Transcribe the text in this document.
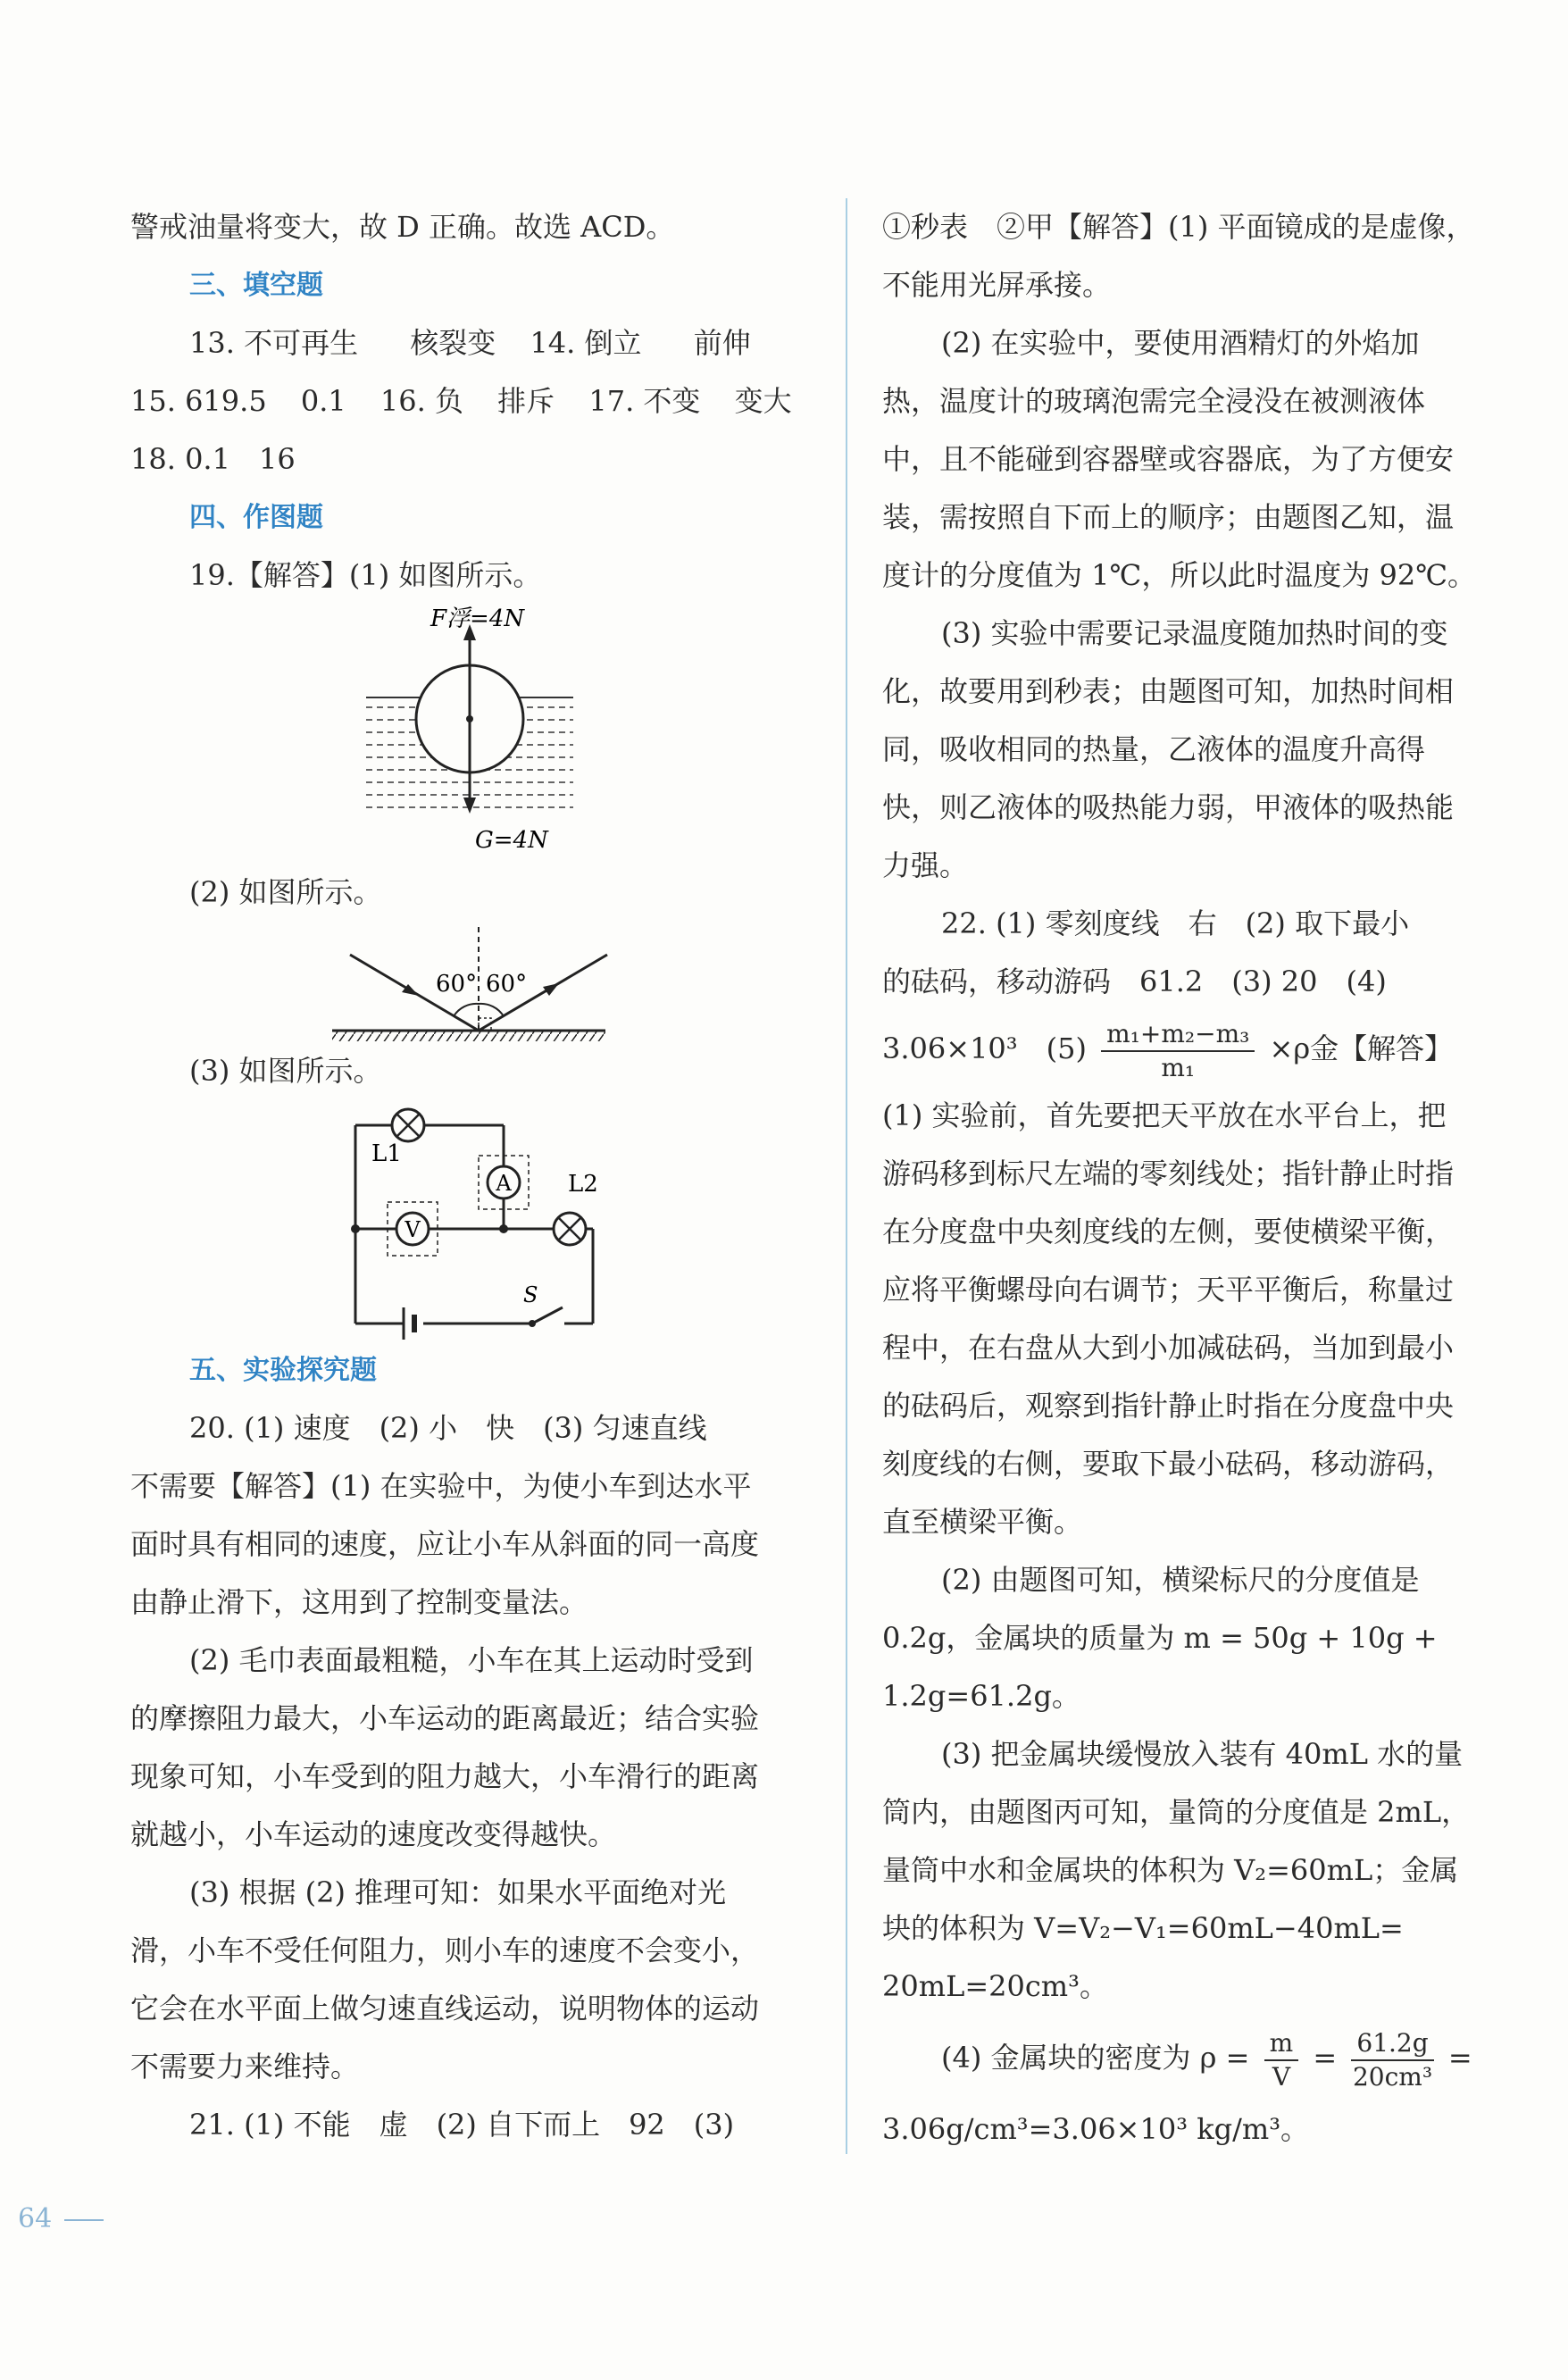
警戒油量将变大，故 D 正确。故选 ACD。
三、填空题
13. 不可再生 核裂变 14. 倒立 前伸
15. 619.5 0.1 16. 负 排斥 17. 不变 变大
18. 0.1　16
四、作图题
19.【解答】(1) 如图所示。
F浮=4N
G=4N
(2) 如图所示。
60° 60°
(3) 如图所示。
A
V
L1
L2
S
五、实验探究题
20. (1) 速度　(2) 小　快　(3) 匀速直线
不需要【解答】(1) 在实验中，为使小车到达水平
面时具有相同的速度，应让小车从斜面的同一高度
由静止滑下，这用到了控制变量法。
(2) 毛巾表面最粗糙，小车在其上运动时受到
的摩擦阻力最大，小车运动的距离最近；结合实验
现象可知，小车受到的阻力越大，小车滑行的距离
就越小，小车运动的速度改变得越快。
(3) 根据 (2) 推理可知：如果水平面绝对光
滑，小车不受任何阻力，则小车的速度不会变小，
它会在水平面上做匀速直线运动，说明物体的运动
不需要力来维持。
21. (1) 不能　虚　(2) 自下而上　92　(3)
①秒表　②甲【解答】(1) 平面镜成的是虚像，
不能用光屏承接。
(2) 在实验中，要使用酒精灯的外焰加
热，温度计的玻璃泡需完全浸没在被测液体
中，且不能碰到容器壁或容器底，为了方便安
装，需按照自下而上的顺序；由题图乙知，温
度计的分度值为 1℃，所以此时温度为 92℃。
(3) 实验中需要记录温度随加热时间的变
化，故要用到秒表；由题图可知，加热时间相
同，吸收相同的热量，乙液体的温度升高得
快，则乙液体的吸热能力弱，甲液体的吸热能
力强。
22. (1) 零刻度线　右　(2) 取下最小
的砝码，移动游码　61.2　(3) 20　(4)
3.06×10³　$(5) \frac{\text{m₁+m₂−m₃}}{\text{m₁}} \times\rho$金【解答】
(1) 实验前，首先要把天平放在水平台上，把
游码移到标尺左端的零刻线处；指针静止时指
在分度盘中央刻度线的左侧，要使横梁平衡，
应将平衡螺母向右调节；天平平衡后，称量过
程中，在右盘从大到小加减砝码，当加到最小
的砝码后，观察到指针静止时指在分度盘中央
刻度线的右侧，要取下最小砝码，移动游码，
直至横梁平衡。
(2) 由题图可知，横梁标尺的分度值是
0.2g，金属块的质量为 m = 50g + 10g +
1.2g=61.2g。
(3) 把金属块缓慢放入装有 40mL 水的量
筒内，由题图丙可知，量筒的分度值是 2mL，
量筒中水和金属块的体积为 V₂=60mL；金属
块的体积为 V=V₂−V₁=60mL−40mL=
20mL=20cm³。
(4) 金属块的密度为 $\rho = \frac{m}{V} = \frac{61.2g}{\text{20cm³}}$ =
3.06g/cm³=3.06×10³ kg/m³。
64
